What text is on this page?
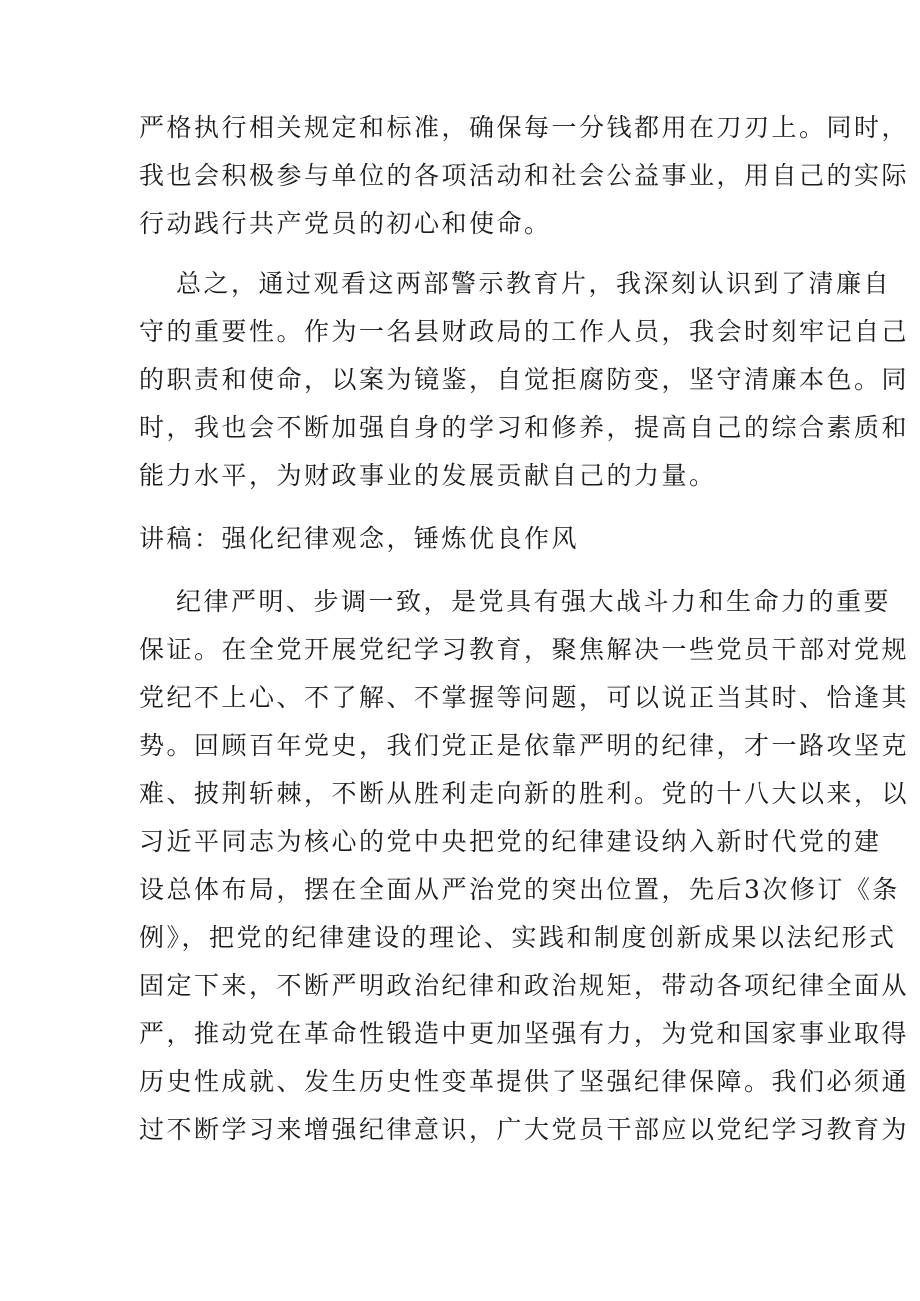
严格执行相关规定和标准，确保每一分钱都用在刀刃上。同时，
我也会积极参与单位的各项活动和社会公益事业，用自己的实际
行动践行共产党员的初心和使命。
总之，通过观看这两部警示教育片，我深刻认识到了清廉自
守的重要性。作为一名县财政局的工作人员，我会时刻牢记自己
的职责和使命，以案为镜鉴，自觉拒腐防变，坚守清廉本色。同
时，我也会不断加强自身的学习和修养，提高自己的综合素质和
能力水平，为财政事业的发展贡献自己的力量。
讲稿：强化纪律观念，锤炼优良作风
纪律严明、步调一致，是党具有强大战斗力和生命力的重要
保证。在全党开展党纪学习教育，聚焦解决一些党员干部对党规
党纪不上心、不了解、不掌握等问题，可以说正当其时、恰逢其
势。回顾百年党史，我们党正是依靠严明的纪律，才一路攻坚克
难、披荆斩棘，不断从胜利走向新的胜利。党的十八大以来，以
习近平同志为核心的党中央把党的纪律建设纳入新时代党的建
设总体布局，摆在全面从严治党的突出位置，先后3次修订《条
例》，把党的纪律建设的理论、实践和制度创新成果以法纪形式
固定下来，不断严明政治纪律和政治规矩，带动各项纪律全面从
严，推动党在革命性锻造中更加坚强有力，为党和国家事业取得
历史性成就、发生历史性变革提供了坚强纪律保障。我们必须通
过不断学习来增强纪律意识，广大党员干部应以党纪学习教育为
